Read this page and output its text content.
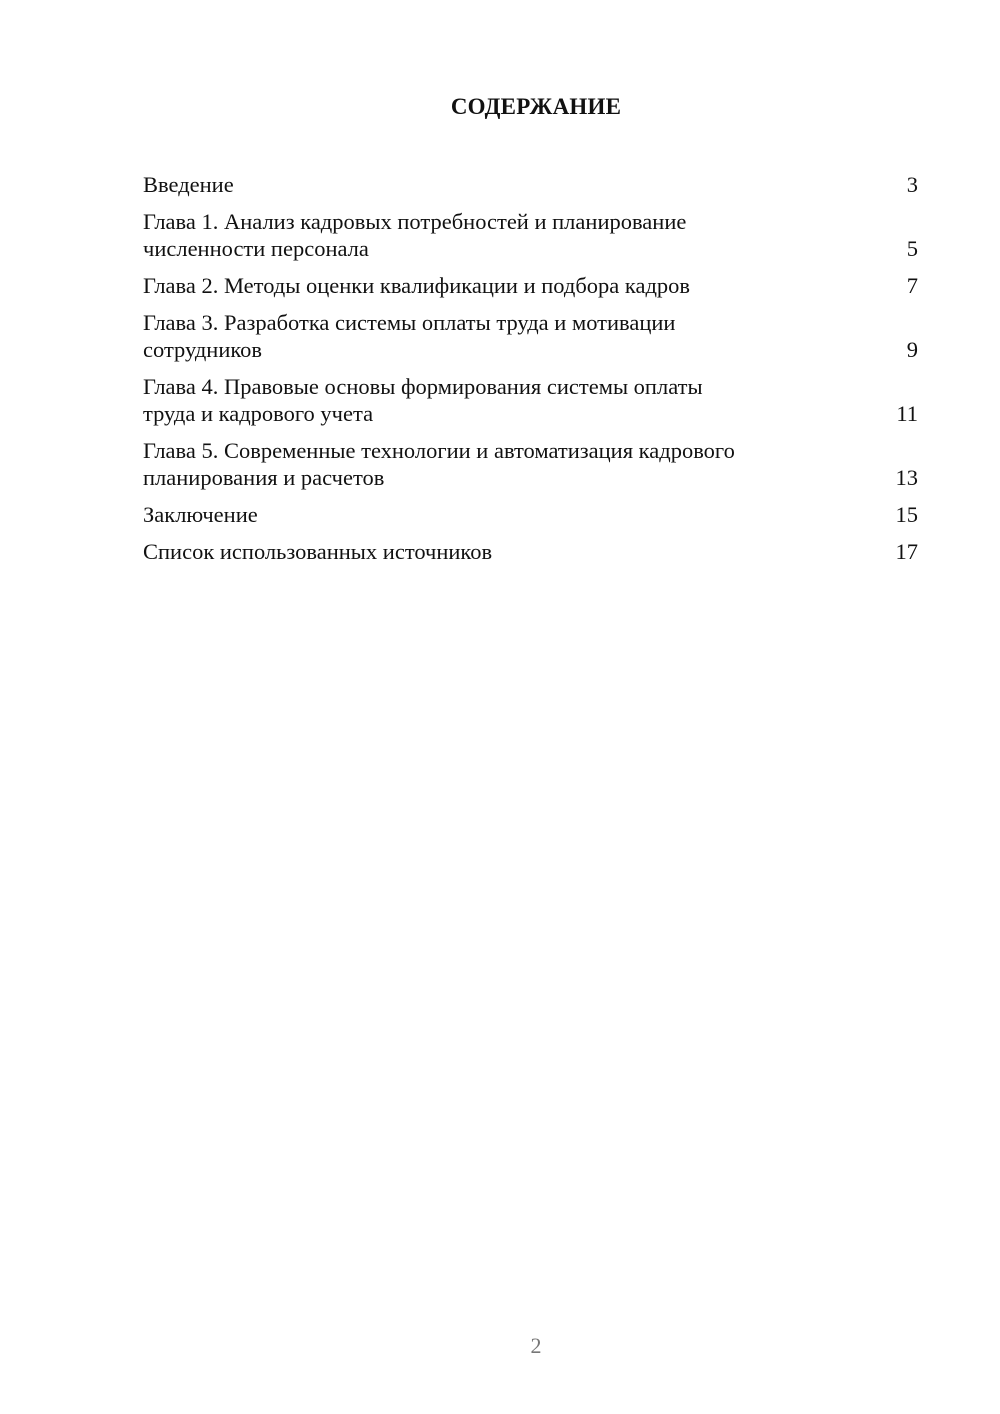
СОДЕРЖАНИЕ
Введение	3
Глава 1. Анализ кадровых потребностей и планирование
численности персонала	5
Глава 2. Методы оценки квалификации и подбора кадров	7
Глава 3. Разработка системы оплаты труда и мотивации
сотрудников	9
Глава 4. Правовые основы формирования системы оплаты
труда и кадрового учета	11
Глава 5. Современные технологии и автоматизация кадрового
планирования и расчетов	13
Заключение	15
Список использованных источников	17
2
